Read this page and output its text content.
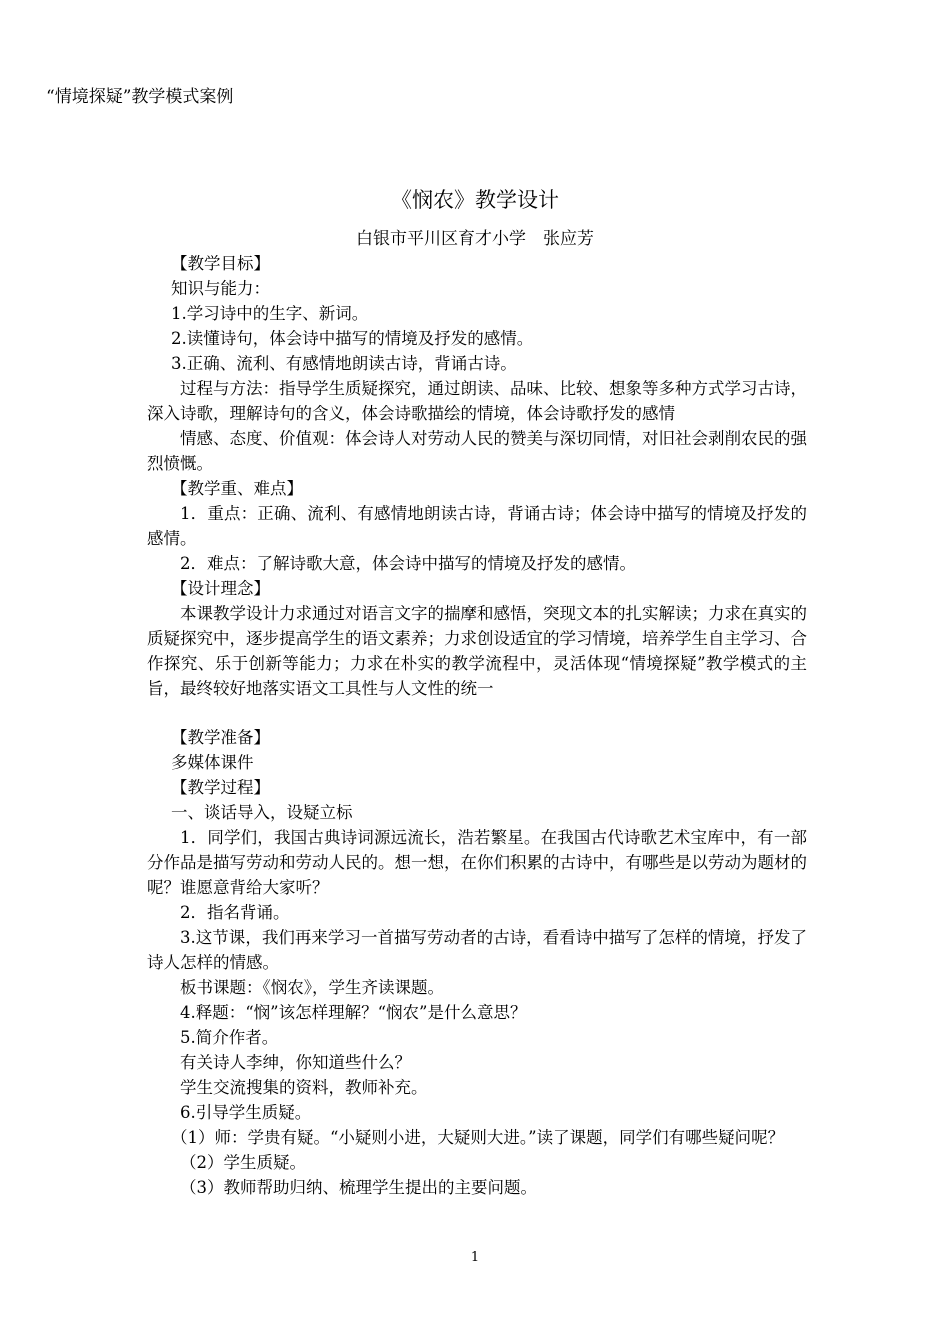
“情境探疑”教学模式案例
《悯农》教学设计
白银市平川区育才小学　张应芳

【教学目标】

知识与能力：

1.学习诗中的生字、新词。

2.读懂诗句，体会诗中描写的情境及抒发的感情。

3.正确、流利、有感情地朗读古诗，背诵古诗。

过程与方法：指导学生质疑探究，通过朗读、品味、比较、想象等多种方式学习古诗，深入诗歌，理解诗句的含义，体会诗歌描绘的情境，体会诗歌抒发的感情

情感、态度、价值观：体会诗人对劳动人民的赞美与深切同情，对旧社会剥削农民的强烈愤慨。

【教学重、难点】

1．重点：正确、流利、有感情地朗读古诗，背诵古诗；体会诗中描写的情境及抒发的感情。

2．难点：了解诗歌大意，体会诗中描写的情境及抒发的感情。

【设计理念】

本课教学设计力求通过对语言文字的揣摩和感悟，突现文本的扎实解读；力求在真实的质疑探究中，逐步提高学生的语文素养；力求创设适宜的学习情境，培养学生自主学习、合作探究、乐于创新等能力；力求在朴实的教学流程中，灵活体现“情境探疑”教学模式的主旨，最终较好地落实语文工具性与人文性的统一

【教学准备】

多媒体课件

【教学过程】

一、谈话导入，设疑立标

1．同学们，我国古典诗词源远流长，浩若繁星。在我国古代诗歌艺术宝库中，有一部分作品是描写劳动和劳动人民的。想一想，在你们积累的古诗中，有哪些是以劳动为题材的呢？谁愿意背给大家听？

2．指名背诵。

3.这节课，我们再来学习一首描写劳动者的古诗，看看诗中描写了怎样的情境，抒发了诗人怎样的情感。

板书课题：《悯农》，学生齐读课题。

4.释题：“悯”该怎样理解？“悯农”是什么意思？

5.简介作者。

有关诗人李绅，你知道些什么？

学生交流搜集的资料，教师补充。

6.引导学生质疑。

（1）师：学贵有疑。“小疑则小进，大疑则大进。”读了课题，同学们有哪些疑问呢？

（2）学生质疑。

（3）教师帮助归纳、梳理学生提出的主要问题。

1
